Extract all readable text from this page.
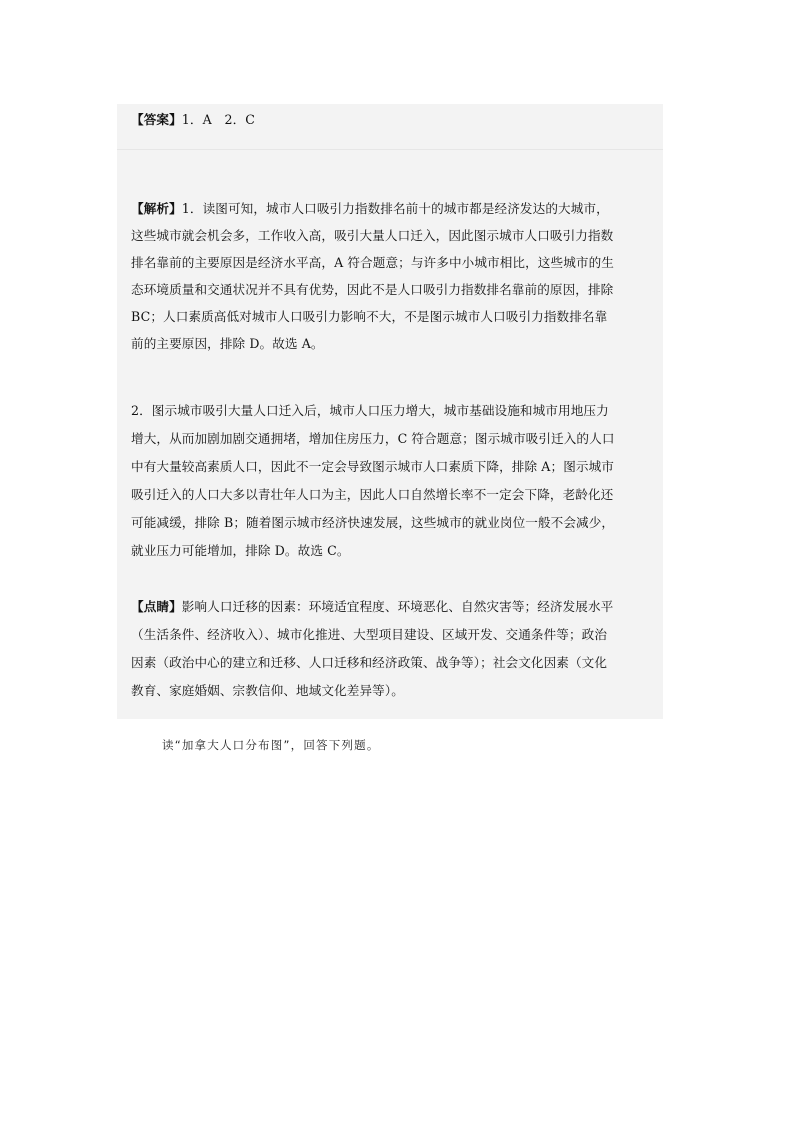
【答案】1．A　2．C
【解析】1．读图可知，城市人口吸引力指数排名前十的城市都是经济发达的大城市，
这些城市就会机会多，工作收入高，吸引大量人口迁入，因此图示城市人口吸引力指数
排名靠前的主要原因是经济水平高，A 符合题意；与许多中小城市相比，这些城市的生
态环境质量和交通状况并不具有优势，因此不是人口吸引力指数排名靠前的原因，排除
BC；人口素质高低对城市人口吸引力影响不大，不是图示城市人口吸引力指数排名靠
前的主要原因，排除 D。故选 A。
2．图示城市吸引大量人口迁入后，城市人口压力增大，城市基础设施和城市用地压力
增大，从而加剧加剧交通拥堵，增加住房压力，C 符合题意；图示城市吸引迁入的人口
中有大量较高素质人口，因此不一定会导致图示城市人口素质下降，排除 A；图示城市
吸引迁入的人口大多以青壮年人口为主，因此人口自然增长率不一定会下降，老龄化还
可能减缓，排除 B；随着图示城市经济快速发展，这些城市的就业岗位一般不会减少，
就业压力可能增加，排除 D。故选 C。
【点睛】影响人口迁移的因素：环境适宜程度、环境恶化、自然灾害等；经济发展水平
（生活条件、经济收入）、城市化推进、大型项目建设、区域开发、交通条件等；政治
因素（政治中心的建立和迁移、人口迁移和经济政策、战争等）；社会文化因素（文化
教育、家庭婚姻、宗教信仰、地域文化差异等）。
读“加拿大人口分布图”，回答下列题。
